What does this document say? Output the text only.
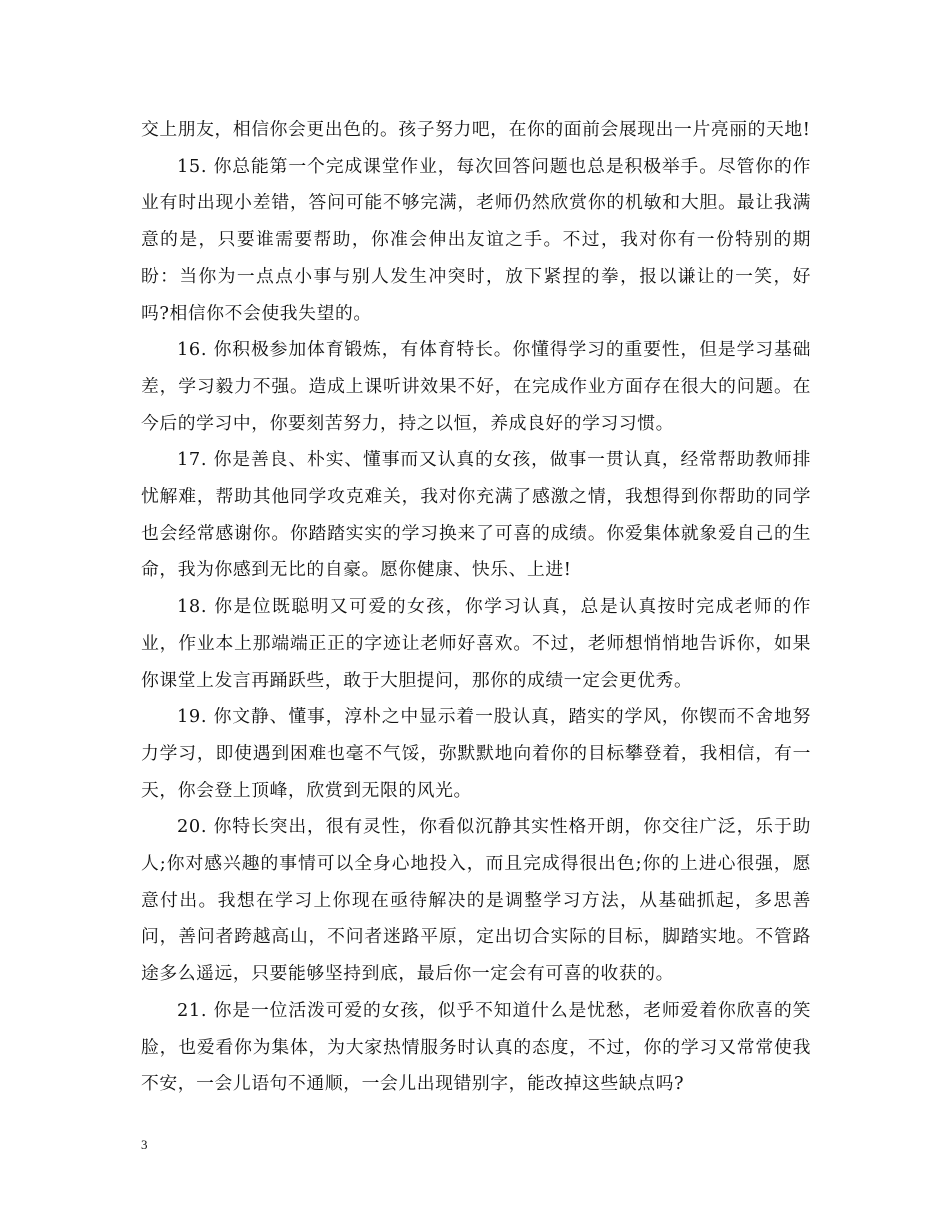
交上朋友，相信你会更出色的。孩子努力吧，在你的面前会展现出一片亮丽的天地!

15. 你总能第一个完成课堂作业，每次回答问题也总是积极举手。尽管你的作业有时出现小差错，答问可能不够完满，老师仍然欣赏你的机敏和大胆。最让我满意的是，只要谁需要帮助，你准会伸出友谊之手。不过，我对你有一份特别的期盼：当你为一点点小事与别人发生冲突时，放下紧捏的拳，报以谦让的一笑，好吗?相信你不会使我失望的。

16. 你积极参加体育锻炼，有体育特长。你懂得学习的重要性，但是学习基础差，学习毅力不强。造成上课听讲效果不好，在完成作业方面存在很大的问题。在今后的学习中，你要刻苦努力，持之以恒，养成良好的学习习惯。

17. 你是善良、朴实、懂事而又认真的女孩，做事一贯认真，经常帮助教师排忧解难，帮助其他同学攻克难关，我对你充满了感激之情，我想得到你帮助的同学也会经常感谢你。你踏踏实实的学习换来了可喜的成绩。你爱集体就象爱自己的生命，我为你感到无比的自豪。愿你健康、快乐、上进!

18. 你是位既聪明又可爱的女孩，你学习认真，总是认真按时完成老师的作业，作业本上那端端正正的字迹让老师好喜欢。不过，老师想悄悄地告诉你，如果你课堂上发言再踊跃些，敢于大胆提问，那你的成绩一定会更优秀。

19. 你文静、懂事，淳朴之中显示着一股认真，踏实的学风，你锲而不舍地努力学习，即使遇到困难也毫不气馁，弥默默地向着你的目标攀登着，我相信，有一天，你会登上顶峰，欣赏到无限的风光。

20. 你特长突出，很有灵性，你看似沉静其实性格开朗，你交往广泛，乐于助人;你对感兴趣的事情可以全身心地投入，而且完成得很出色;你的上进心很强，愿意付出。我想在学习上你现在亟待解决的是调整学习方法，从基础抓起，多思善问，善问者跨越高山，不问者迷路平原，定出切合实际的目标，脚踏实地。不管路途多么遥远，只要能够坚持到底，最后你一定会有可喜的收获的。

21. 你是一位活泼可爱的女孩，似乎不知道什么是忧愁，老师爱着你欣喜的笑脸，也爱看你为集体，为大家热情服务时认真的态度，不过，你的学习又常常使我不安，一会儿语句不通顺，一会儿出现错别字，能改掉这些缺点吗?

3
